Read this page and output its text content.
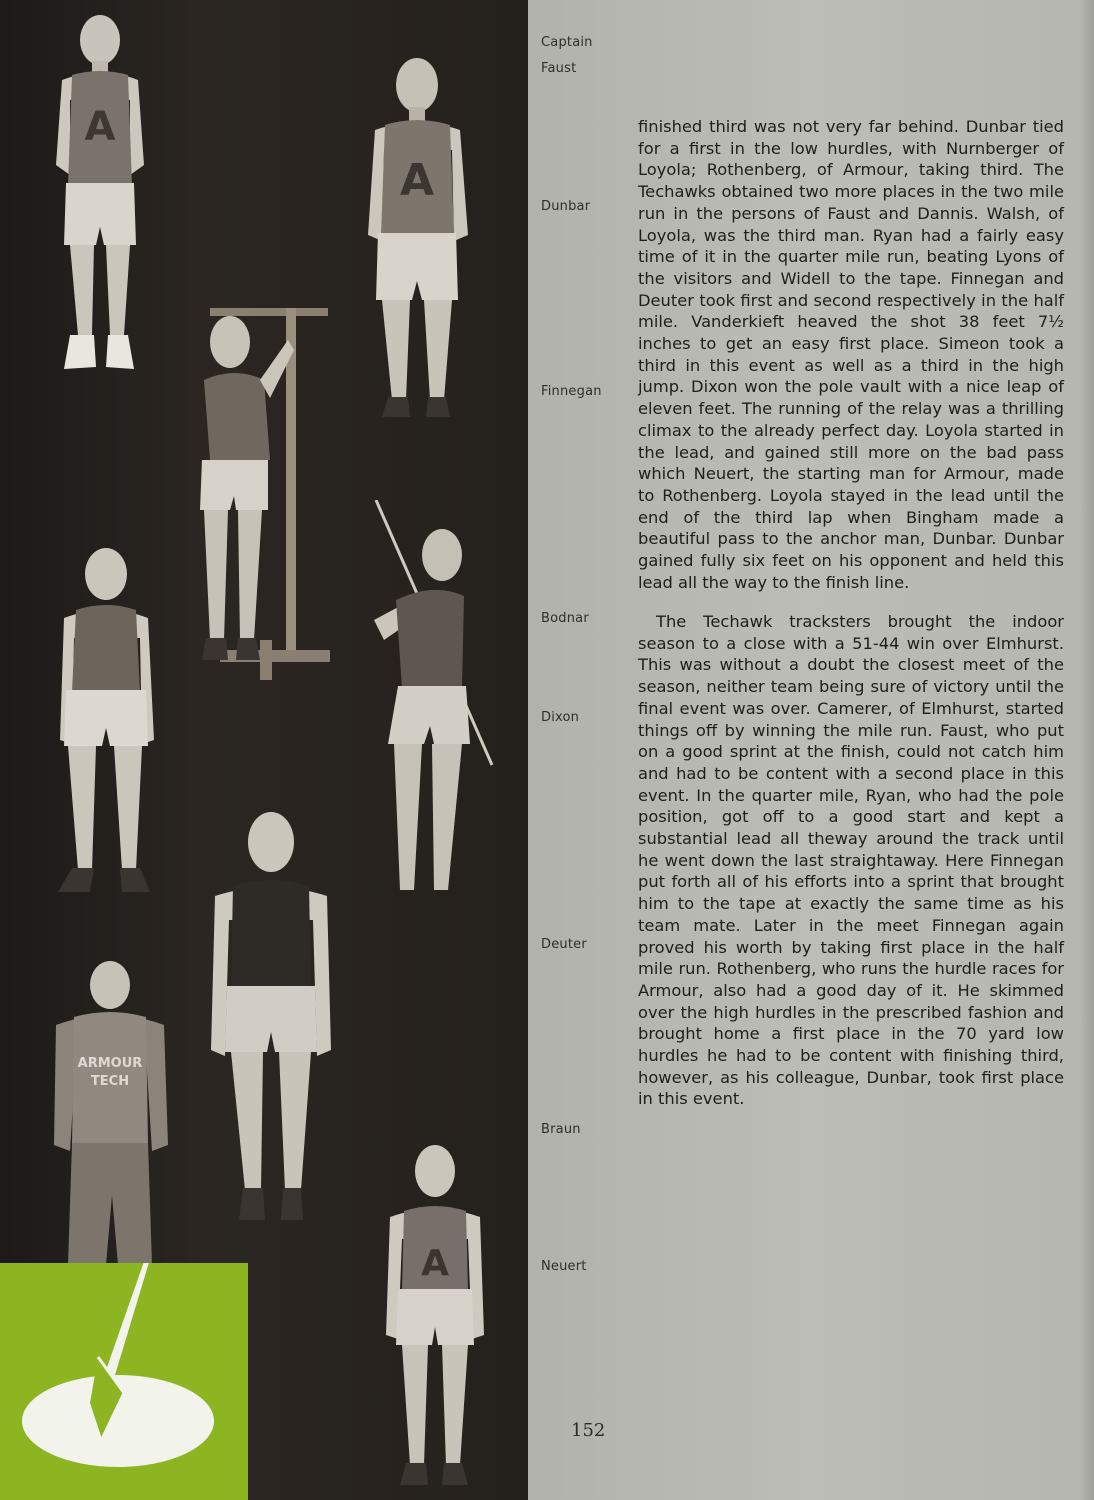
A
A
ARMOUR
TECH
A

Captain

Faust

Dunbar

Finnegan

Bodnar

Dixon

Deuter

Braun

Neuert

finished third was not very far behind. Dunbar tied for a first in the low hurdles, with Nurnberger of Loyola; Rothenberg, of Armour, taking third. The Techawks obtained two more places in the two mile run in the persons of Faust and Dannis. Walsh, of Loyola, was the third man. Ryan had a fairly easy time of it in the quarter mile run, beating Lyons of the visitors and Widell to the tape. Finnegan and Deuter took first and second respectively in the half mile. Vanderkieft heaved the shot 38 feet 7½ inches to get an easy first place. Simeon took a third in this event as well as a third in the high jump. Dixon won the pole vault with a nice leap of eleven feet. The running of the relay was a thrilling climax to the already perfect day. Loyola started in the lead, and gained still more on the bad pass which Neuert, the starting man for Armour, made to Rothenberg. Loyola stayed in the lead until the end of the third lap when Bingham made a beautiful pass to the anchor man, Dunbar. Dunbar gained fully six feet on his opponent and held this lead all the way to the finish line.

The Techawk tracksters brought the indoor season to a close with a 51-44 win over Elmhurst. This was without a doubt the closest meet of the season, neither team being sure of victory until the final event was over. Camerer, of Elmhurst, started things off by winning the mile run. Faust, who put on a good sprint at the finish, could not catch him and had to be content with a second place in this event. In the quarter mile, Ryan, who had the pole position, got off to a good start and kept a substantial lead all theway around the track until he went down the last straightaway. Here Finnegan put forth all of his efforts into a sprint that brought him to the tape at exactly the same time as his team mate. Later in the meet Finnegan again proved his worth by taking first place in the half mile run. Rothenberg, who runs the hurdle races for Armour, also had a good day of it. He skimmed over the high hurdles in the prescribed fashion and brought home a first place in the 70 yard low hurdles he had to be content with finishing third, however, as his colleague, Dunbar, took first place in this event.

152
